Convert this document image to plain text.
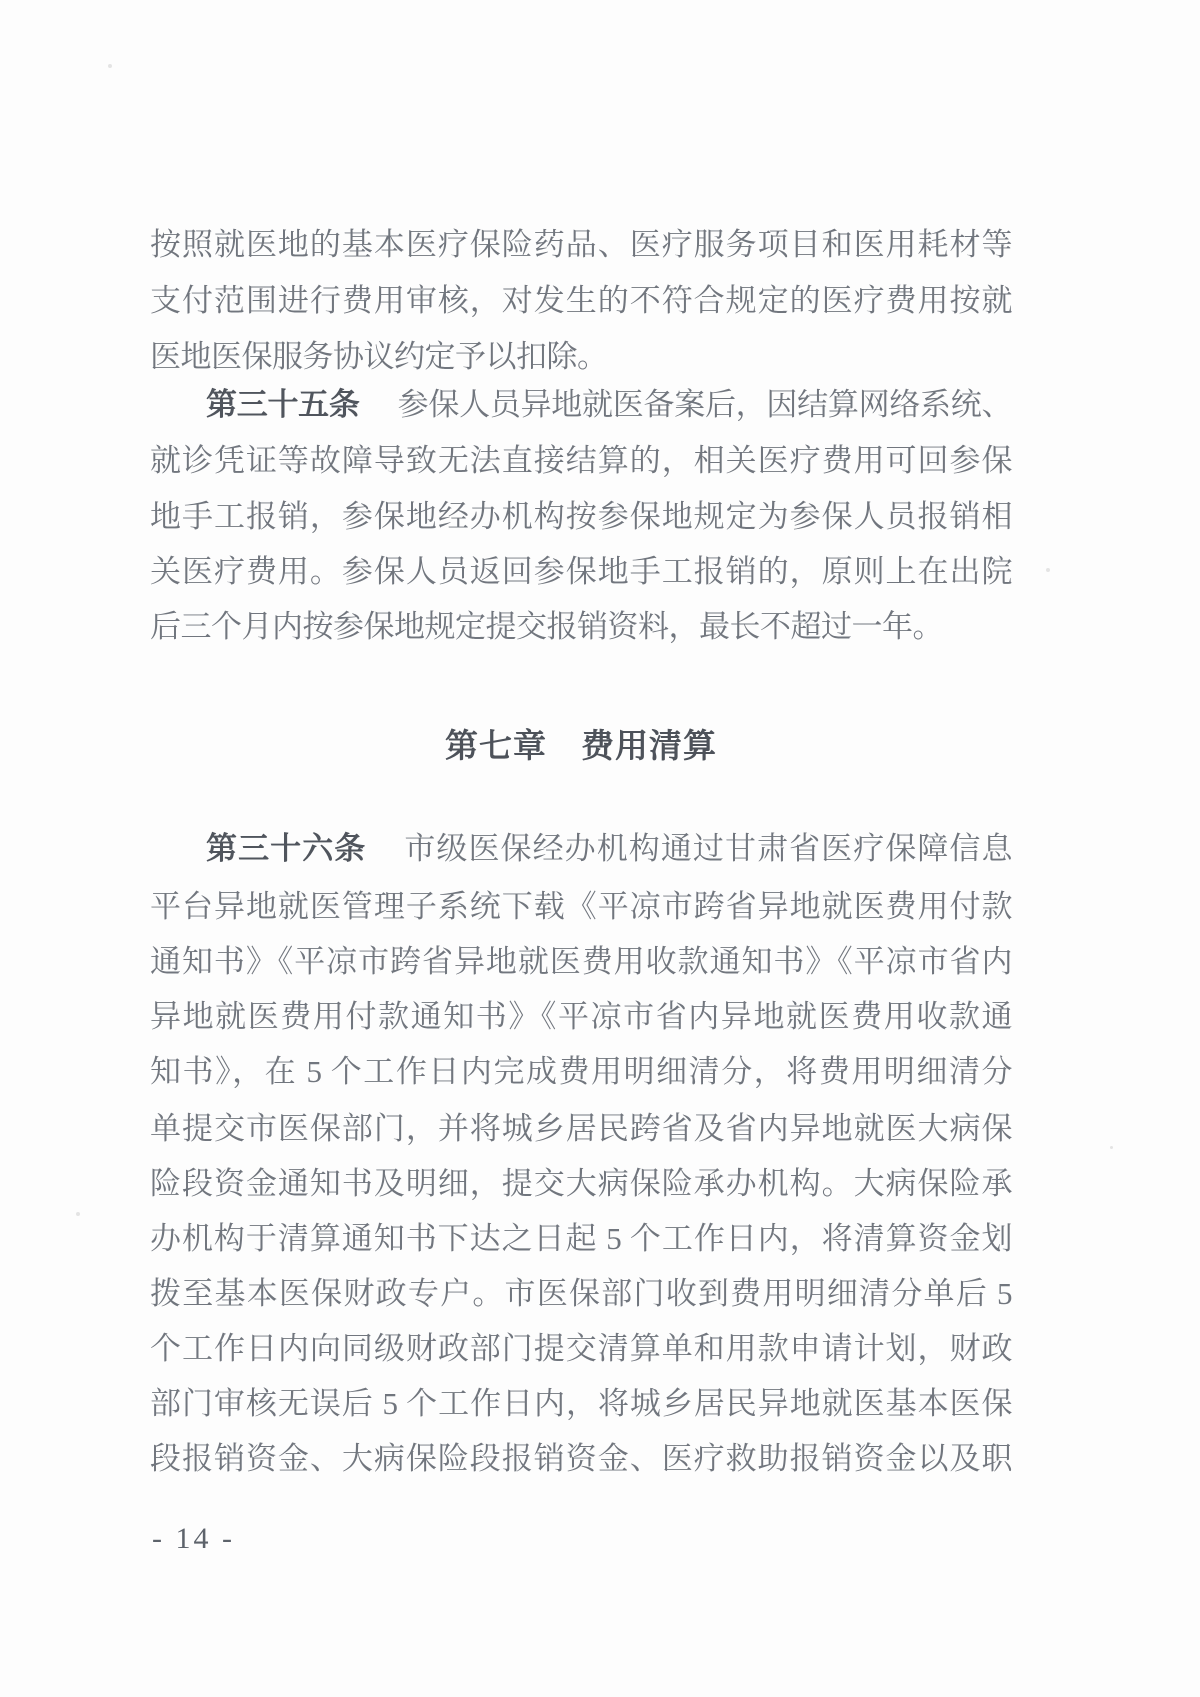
按照就医地的基本医疗保险药品、医疗服务项目和医用耗材等
支付范围进行费用审核，对发生的不符合规定的医疗费用按就
医地医保服务协议约定予以扣除。
第三十五条 参保人员异地就医备案后，因结算网络系统、
就诊凭证等故障导致无法直接结算的，相关医疗费用可回参保
地手工报销，参保地经办机构按参保地规定为参保人员报销相
关医疗费用。参保人员返回参保地手工报销的，原则上在出院
后三个月内按参保地规定提交报销资料，最长不超过一年。
第七章　费用清算
第三十六条 市级医保经办机构通过甘肃省医疗保障信息
平台异地就医管理子系统下载《平凉市跨省异地就医费用付款
通知书》《平凉市跨省异地就医费用收款通知书》《平凉市省内
异地就医费用付款通知书》《平凉市省内异地就医费用收款通
知书》，在 5 个工作日内完成费用明细清分，将费用明细清分
单提交市医保部门，并将城乡居民跨省及省内异地就医大病保
险段资金通知书及明细，提交大病保险承办机构。大病保险承
办机构于清算通知书下达之日起 5 个工作日内，将清算资金划
拨至基本医保财政专户。市医保部门收到费用明细清分单后 5
个工作日内向同级财政部门提交清算单和用款申请计划，财政
部门审核无误后 5 个工作日内，将城乡居民异地就医基本医保
段报销资金、大病保险段报销资金、医疗救助报销资金以及职
- 14 -
